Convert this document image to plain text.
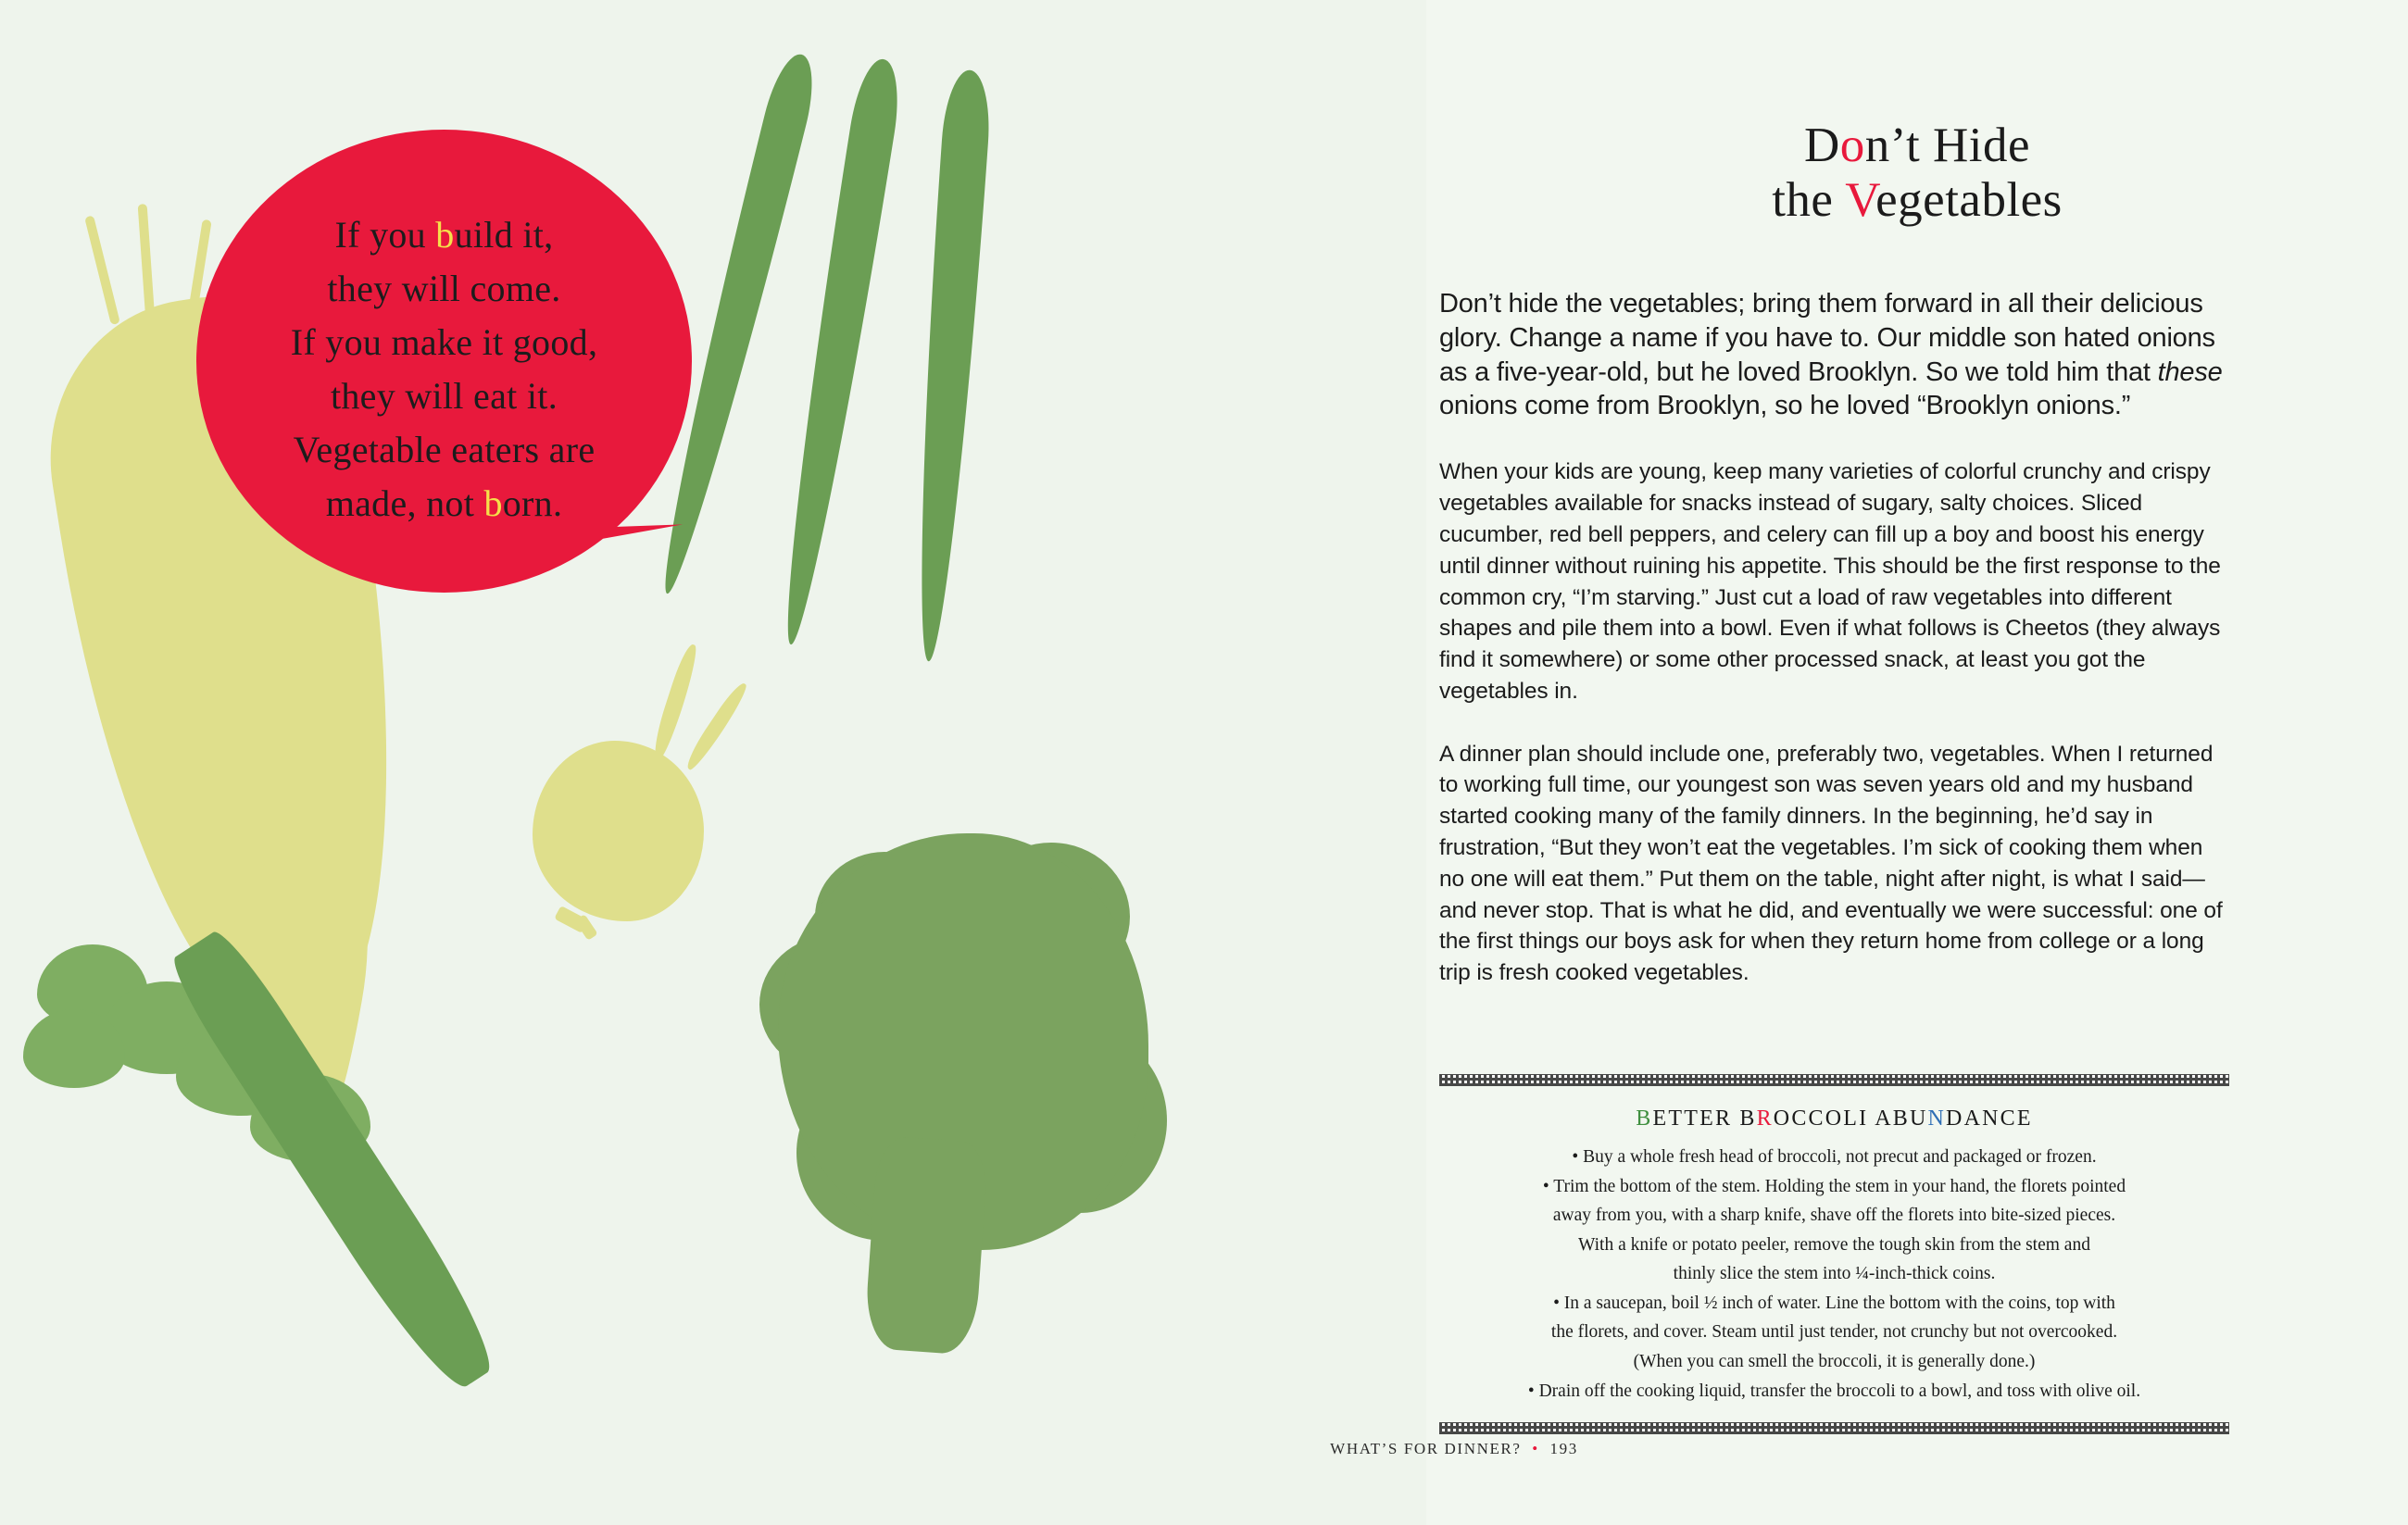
If you build it,
they will come.
If you make it good,
they will eat it.
Vegetable eaters are
made, not born.
Don’t Hide
the Vegetables

Don’t hide the vegetables; bring them forward in all their delicious glory. Change a name if you have to. Our middle son hated onions as a five-year-old, but he loved Brooklyn. So we told him that these onions come from Brooklyn, so he loved “Brooklyn onions.”

When your kids are young, keep many varieties of colorful crunchy and crispy vegetables available for snacks instead of sugary, salty choices. Sliced cucumber, red bell peppers, and celery can fill up a boy and boost his energy until dinner without ruining his appetite. This should be the first response to the common cry, “I’m starving.” Just cut a load of raw vegetables into different shapes and pile them into a bowl. Even if what follows is Cheetos (they always find it somewhere) or some other processed snack, at least you got the vegetables in.

A dinner plan should include one, preferably two, vegetables. When I returned to working full time, our youngest son was seven years old and my husband started cooking many of the family dinners. In the beginning, he’d say in frustration, “But they won’t eat the vegetables. I’m sick of cooking them when no one will eat them.” Put them on the table, night after night, is what I said—and never stop. That is what he did, and eventually we were successful: one of the first things our boys ask for when they return home from college or a long trip is fresh cooked vegetables.

BETTER BROCCOLI ABUNDANCE
• Buy a whole fresh head of broccoli, not precut and packaged or frozen.
• Trim the bottom of the stem. Holding the stem in your hand, the florets pointed
away from you, with a sharp knife, shave off the florets into bite-sized pieces.
With a knife or potato peeler, remove the tough skin from the stem and
thinly slice the stem into ¼-inch-thick coins.
• In a saucepan, boil ½ inch of water. Line the bottom with the coins, top with
the florets, and cover. Steam until just tender, not crunchy but not overcooked.
(When you can smell the broccoli, it is generally done.)
• Drain off the cooking liquid, transfer the broccoli to a bowl, and toss with olive oil.
WHAT’S FOR DINNER? • 193
